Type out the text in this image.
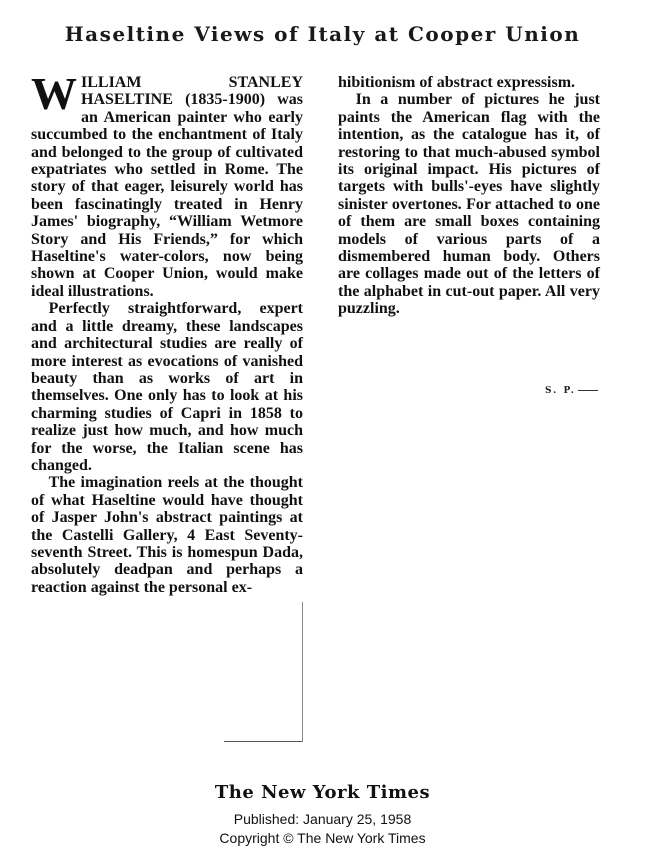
Haseltine Views of Italy at Cooper Union

WILLIAM STANLEY HASELTINE (1835-1900) was an American painter who early succumbed to the enchantment of Italy and belonged to the group of cultivated expatriates who settled in Rome. The story of that eager, leisurely world has been fascinatingly treated in Henry James' biography, “William Wetmore Story and His Friends,” for which Haseltine's water-colors, now being shown at Cooper Union, would make ideal illustrations.

Perfectly straightforward, expert and a little dreamy, these landscapes and architectural studies are really of more interest as evocations of vanished beauty than as works of art in themselves. One only has to look at his charming studies of Capri in 1858 to realize just how much, and how much for the worse, the Italian scene has changed.

The imagination reels at the thought of what Haseltine would have thought of Jasper John's abstract paintings at the Castelli Gallery, 4 East Seventy-seventh Street. This is homespun Dada, absolutely deadpan and perhaps a reaction against the personal ex-

hibitionism of abstract expressism.

In a number of pictures he just paints the American flag with the intention, as the catalogue has it, of restoring to that much-abused symbol its original impact. His pictures of targets with bulls'-eyes have slightly sinister overtones. For attached to one of them are small boxes containing models of various parts of a dismembered human body. Others are collages made out of the letters of the alphabet in cut-out paper. All very puzzling.

S. P.
The New York Times
Published: January 25, 1958
Copyright © The New York Times
